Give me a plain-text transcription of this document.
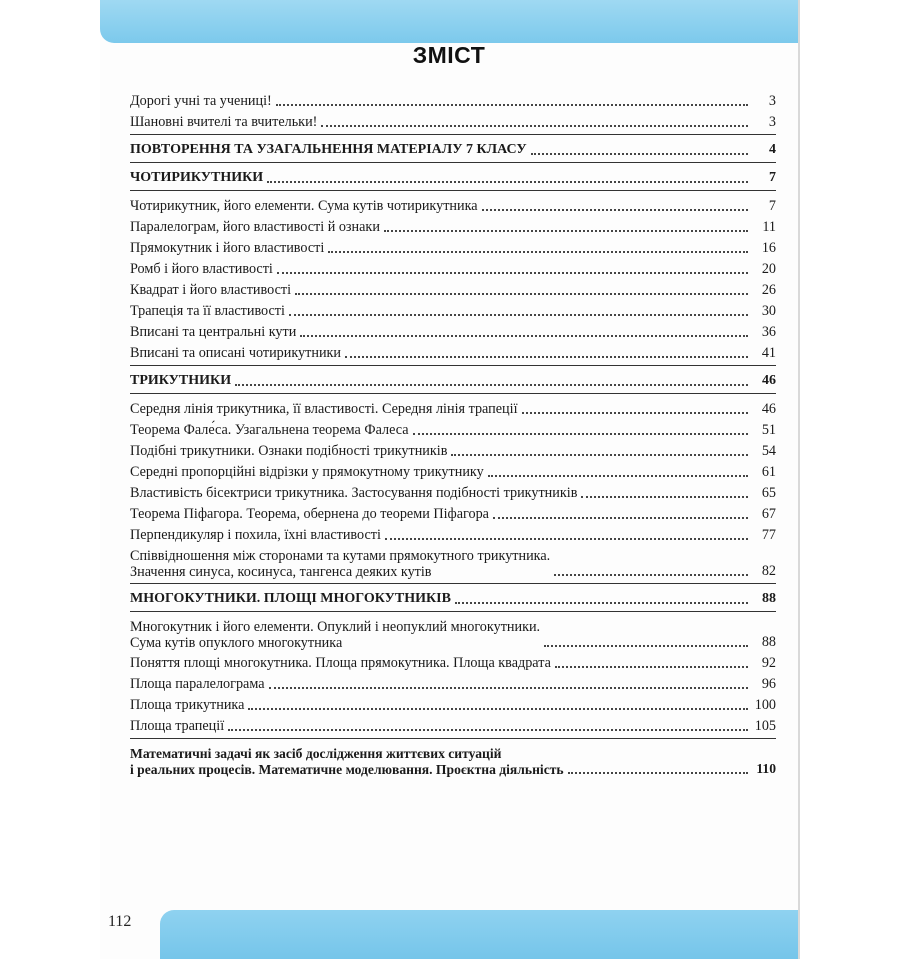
112
ЗМІСТ
Дорогі учні та учениці!	3
Шановні вчителі та вчительки!	3
ПОВТОРЕННЯ ТА УЗАГАЛЬНЕННЯ МАТЕРІАЛУ 7 КЛАСУ	4
ЧОТИРИКУТНИКИ	7
Чотирикутник, його елементи. Сума кутів чотирикутника	7
Паралелограм, його властивості й ознаки	11
Прямокутник і його властивості	16
Ромб і його властивості	20
Квадрат і його властивості	26
Трапеція та її властивості	30
Вписані та центральні кути	36
Вписані та описані чотирикутники	41
ТРИКУТНИКИ	46
Середня лінія трикутника, її властивості. Середня лінія трапеції	46
Теорема Фале́са. Узагальнена теорема Фалеса	51
Подібні трикутники. Ознаки подібності трикутників	54
Середні пропорційні відрізки у прямокутному трикутнику	61
Властивість бісектриси трикутника. Застосування подібності трикутників	65
Теорема Піфагора. Теорема, обернена до теореми Піфагора	67
Перпендикуляр і похила, їхні властивості	77
Співвідношення між сторонами та кутами прямокутного трикутника.
Значення синуса, косинуса, тангенса деяких кутів	82
МНОГОКУТНИКИ. ПЛОЩІ МНОГОКУТНИКІВ	88
Многокутник і його елементи. Опуклий і неопуклий многокутники.
Сума кутів опуклого многокутника	88
Поняття площі многокутника. Площа прямокутника. Площа квадрата	92
Площа паралелограма	96
Площа трикутника	100
Площа трапеції	105
Математичні задачі як засіб дослідження життєвих ситуацій
і реальних процесів. Математичне моделювання. Проєктна діяльність	110
